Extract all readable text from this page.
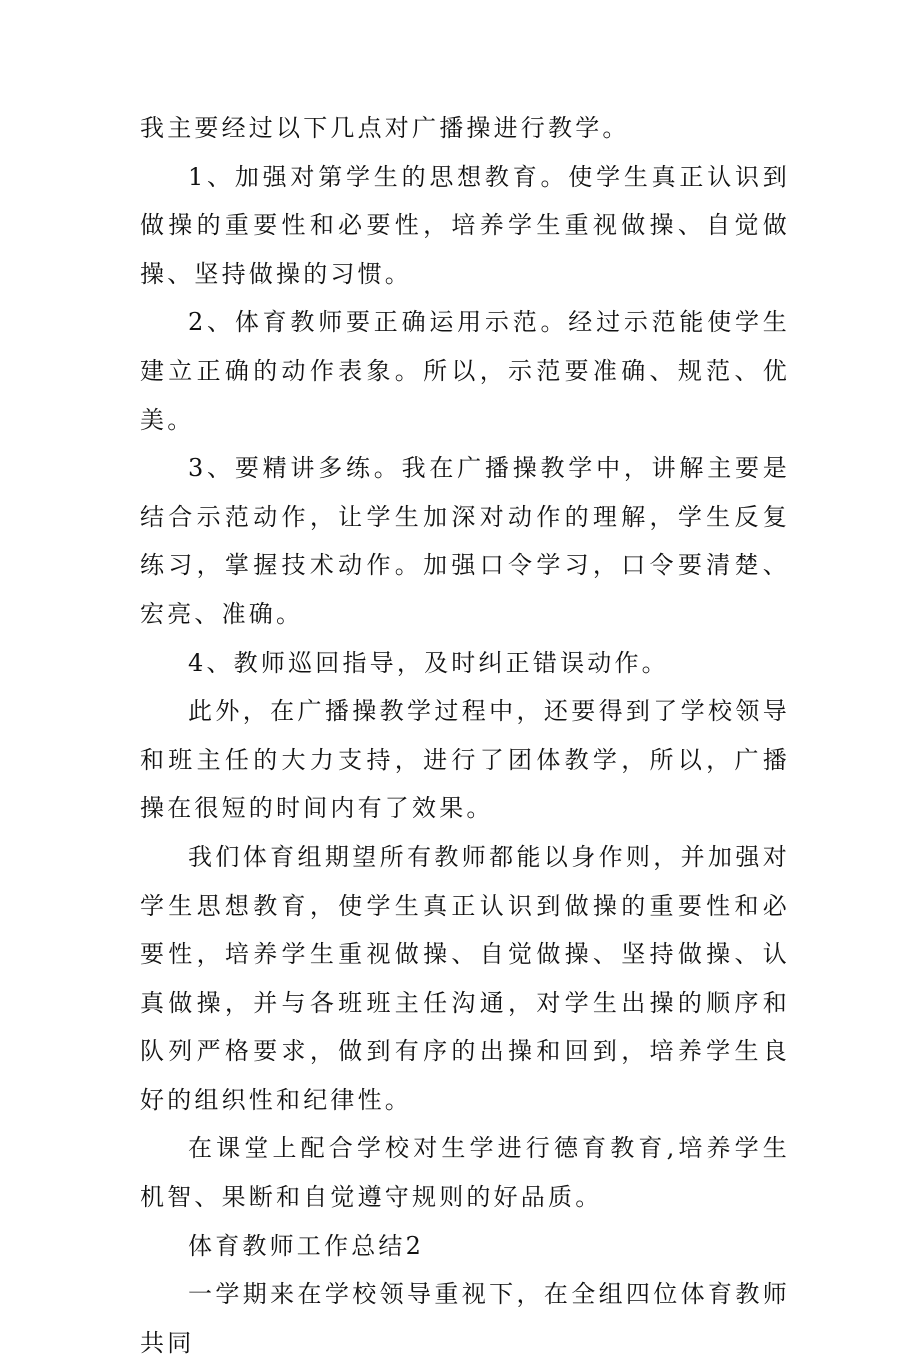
我主要经过以下几点对广播操进行教学。

1、加强对第学生的思想教育。使学生真正认识到做操的重要性和必要性，培养学生重视做操、自觉做操、坚持做操的习惯。

2、体育教师要正确运用示范。经过示范能使学生建立正确的动作表象。所以，示范要准确、规范、优美。

3、要精讲多练。我在广播操教学中，讲解主要是结合示范动作，让学生加深对动作的理解，学生反复练习，掌握技术动作。加强口令学习，口令要清楚、宏亮、准确。

4、教师巡回指导，及时纠正错误动作。

此外，在广播操教学过程中，还要得到了学校领导和班主任的大力支持，进行了团体教学，所以，广播操在很短的时间内有了效果。

我们体育组期望所有教师都能以身作则，并加强对学生思想教育，使学生真正认识到做操的重要性和必要性，培养学生重视做操、自觉做操、坚持做操、认真做操，并与各班班主任沟通，对学生出操的顺序和队列严格要求，做到有序的出操和回到，培养学生良好的组织性和纪律性。

在课堂上配合学校对生学进行德育教育,培养学生机智、果断和自觉遵守规则的好品质。

体育教师工作总结2

一学期来在学校领导重视下，在全组四位体育教师共同
